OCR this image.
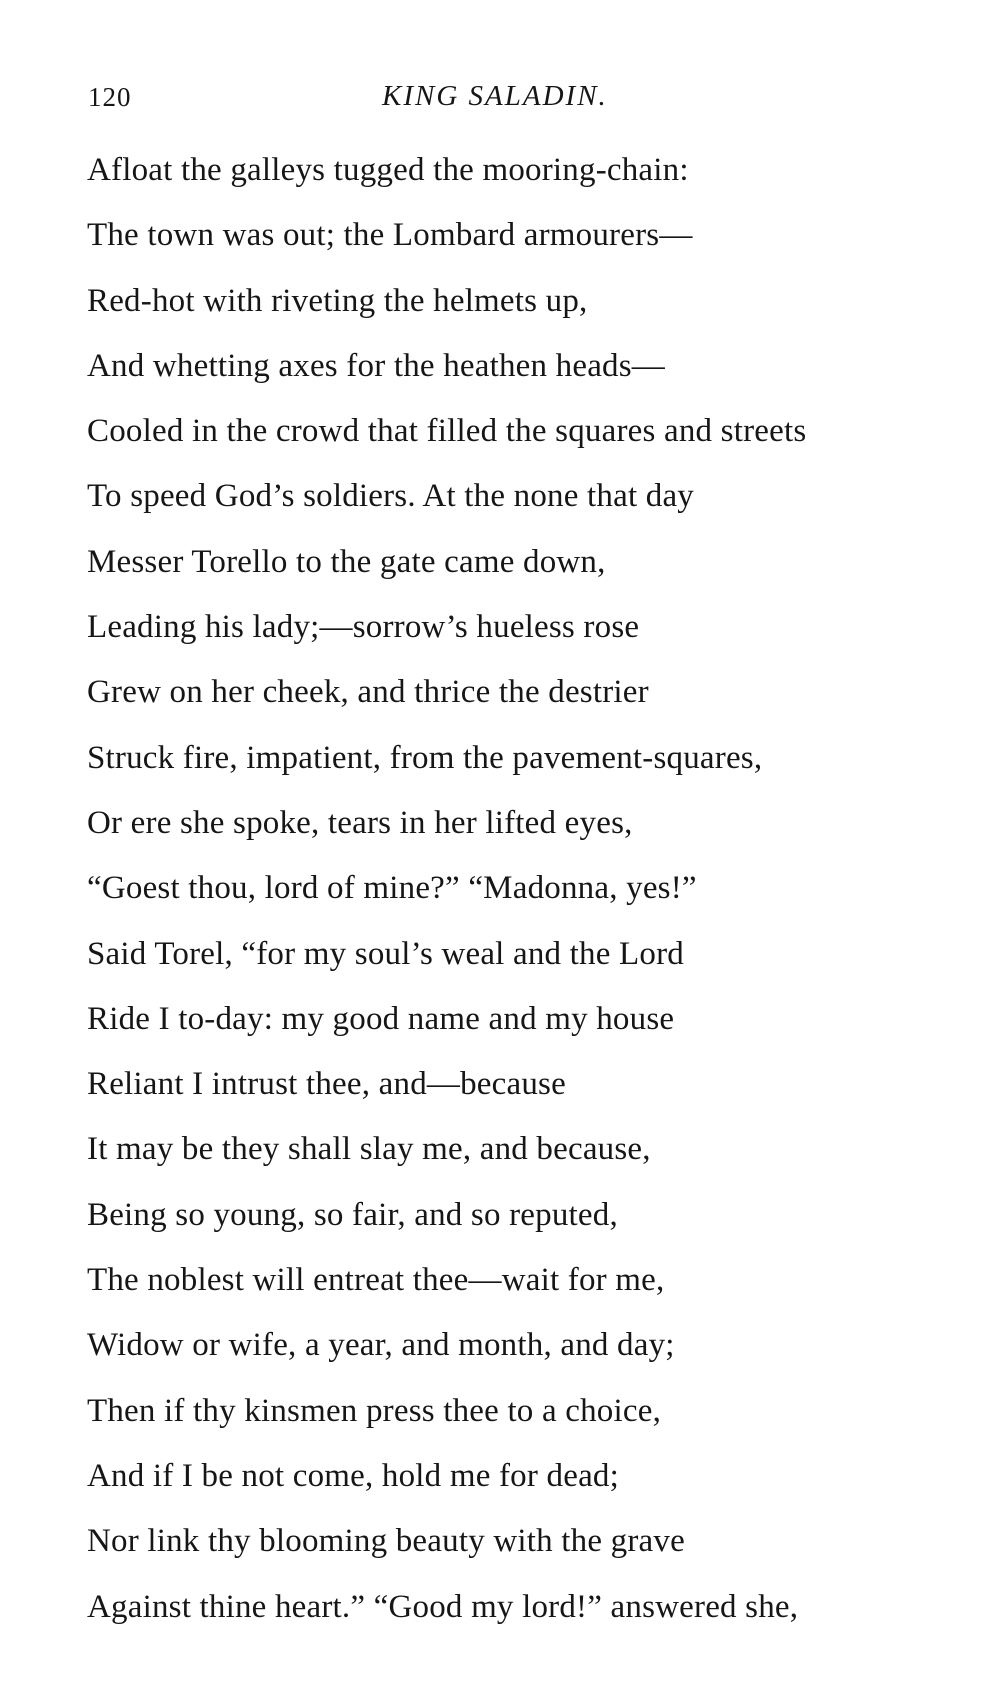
120	KING SALADIN.
Afloat the galleys tugged the mooring-chain:
The town was out; the Lombard armourers—
Red-hot with riveting the helmets up,
And whetting axes for the heathen heads—
Cooled in the crowd that filled the squares and streets
To speed God’s soldiers. At the none that day
Messer Torello to the gate came down,
Leading his lady;—sorrow’s hueless rose
Grew on her cheek, and thrice the destrier
Struck fire, impatient, from the pavement-squares,
Or ere she spoke, tears in her lifted eyes,
“Goest thou, lord of mine?” “Madonna, yes!”
Said Torel, “for my soul’s weal and the Lord
Ride I to-day: my good name and my house
Reliant I intrust thee, and—because
It may be they shall slay me, and because,
Being so young, so fair, and so reputed,
The noblest will entreat thee—wait for me,
Widow or wife, a year, and month, and day;
Then if thy kinsmen press thee to a choice,
And if I be not come, hold me for dead;
Nor link thy blooming beauty with the grave
Against thine heart.” “Good my lord!” answered she,
